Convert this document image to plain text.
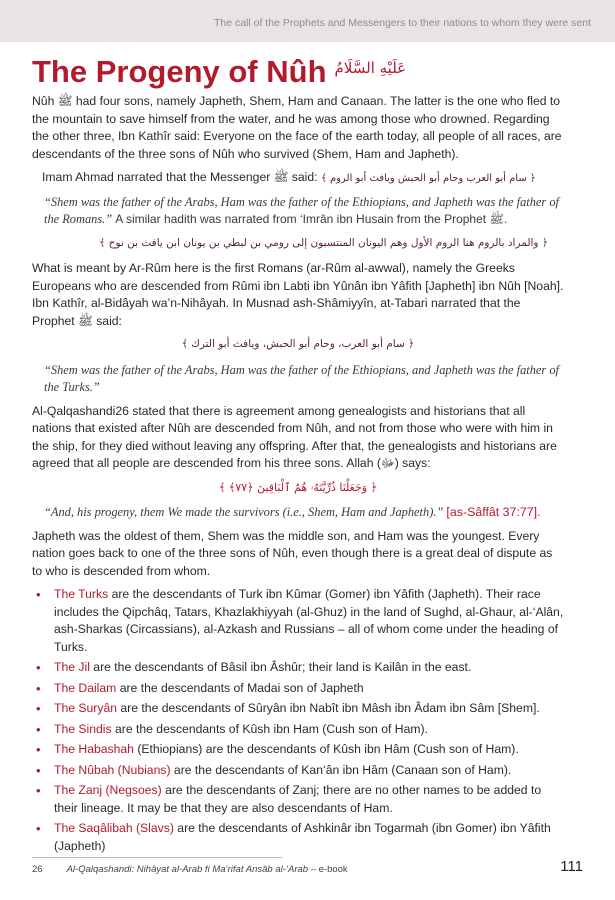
The call of the Prophets and Messengers to their nations to whom they were sent
The Progeny of Nûh عَلَيْهِ السَّلَامُ

Nûh ﷺ had four sons, namely Japheth, Shem, Ham and Canaan. The latter is the one who fled to the mountain to save himself from the water, and he was among those who drowned. Regarding the other three, Ibn Kathîr said: Everyone on the face of the earth today, all people of all races, are descendants of the three sons of Nûh who survived (Shem, Ham and Japheth).

Imam Ahmad narrated that the Messenger ﷺ said: ﴿ سام أبو العرب وحام أبو الحبش ويافث أبو الروم ﴾

“Shem was the father of the Arabs, Ham was the father of the Ethiopians, and Japheth was the father of the Romans.” A similar hadith was narrated from ‘Imrân ibn Husain from the Prophet ﷺ.

﴿ والمراد بالروم هنا الروم الأول وهم اليونان المنتسبون إلى رومي بن لبطي بن يونان ابن يافث بن نوح ﴾

What is meant by Ar-Rûm here is the first Romans (ar-Rûm al-awwal), namely the Greeks Europeans who are descended from Rûmi ibn Labti ibn Yûnân ibn Yâfith [Japheth] ibn Nûh [Noah]. Ibn Kathîr, al-Bidâyah wa’n-Nihâyah. In Musnad ash-Shâmiyyîn, at-Tabari narrated that the Prophet ﷺ said:

﴿ سام أبو العرب، وحام أبو الحبش، ويافث أبو الترك ﴾

“Shem was the father of the Arabs, Ham was the father of the Ethiopians, and Japheth was the father of the Turks.”

Al-Qalqashandi26 stated that there is agreement among genealogists and historians that all nations that existed after Nûh are descended from Nûh, and not from those who were with him in the ship, for they died without leaving any offspring. After that, the genealogists and historians are agreed that all people are descended from his three sons. Allah (ﷻ) says:

﴿ وَجَعَلْنَا ذُرِّيَّتَهُۥ هُمُ ٱلْبَاقِينَ ﴿٧٧﴾ ﴾

“And, his progeny, them We made the survivors (i.e., Shem, Ham and Japheth).” [as-Sâffât 37:77].

Japheth was the oldest of them, Shem was the middle son, and Ham was the youngest. Every nation goes back to one of the three sons of Nûh, even though there is a great deal of dispute as to who is descended from whom.

• The Turks are the descendants of Turk ibn Kûmar (Gomer) ibn Yâfith (Japheth). Their race includes the Qipchâq, Tatars, Khazlakhiyyah (al-Ghuz) in the land of Sughd, al-Ghaur, al-‘Alân, ash-Sharkas (Circassians), al-Azkash and Russians – all of whom come under the heading of Turks.
• The Jil are the descendants of Bâsil ibn Âshûr; their land is Kailân in the east.
• The Dailam are the descendants of Madai son of Japheth
• The Suryân are the descendants of Sûryân ibn Nabît ibn Mâsh ibn Âdam ibn Sâm [Shem].
• The Sindis are the descendants of Kûsh ibn Ham (Cush son of Ham).
• The Habashah (Ethiopians) are the descendants of Kûsh ibn Hâm (Cush son of Ham).
• The Nûbah (Nubians) are the descendants of Kan‘ân ibn Hâm (Canaan son of Ham).
• The Zanj (Negsoes) are the descendants of Zanj; there are no other names to be added to their lineage. It may be that they are also descendants of Ham.
• The Saqâlibah (Slavs) are the descendants of Ashkinâr ibn Togarmah (ibn Gomer) ibn Yâfith (Japheth)
26	Al-Qalqashandi: Nihâyat al-Arab fi Ma‘rifat Ansâb al-‘Arab – e-book	111
